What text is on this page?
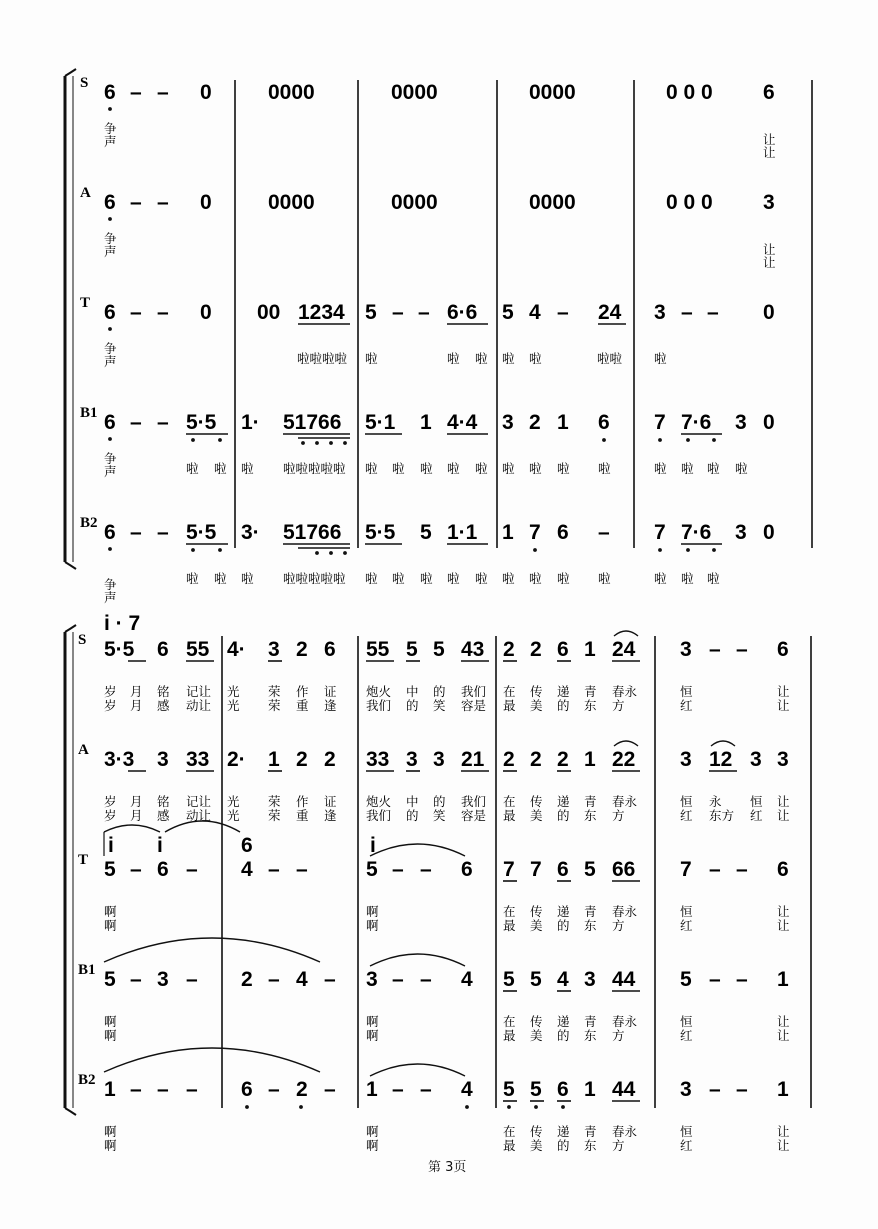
S 6 – –
A 6 – –
T 6 – –
B1 6 – –
B2 6 – –
0	0000	0000	0000	0 0 0 6
争声	让让
0	0000	0000	0000	0 0 0 3
争声	让让
0 00 1234 5 – – 6·6 5 4 – 24 3 – – 0
争声	啦啦啦啦 啦	啦 啦 啦 啦	啦啦	啦
5·5 1· 51766 5·1 1 4·4 3 2 1 6 7 7·6 3 0
争声	啦 啦 啦 啦啦啦啦啦 啦 啦 啦 啦 啦 啦 啦 啦 啦	啦 啦 啦 啦
5·5 3· 51766 5·5 5 1·1 1 7 6 – 7 7·6 3 0
争声
啦 啦 啦 啦啦啦啦啦 啦 啦 啦 啦 啦 啦 啦 啦 啦	啦 啦 啦
i · 7
S
A
T
B1
B2
5·5 6 55 4· 3 2 6 55 5 5 43 2 2 6 1 24 3 – – 6
岁 月 铭 记让 光 荣 作 证 炮火 中 的 我们 在 传 递 青 春永	恒	让
岁 月 感 动让 光 荣 重 逢 我们 的 笑 容是 最 美 的 东 方	红	让
3·3 3 33 2· 1 2 2 33 3 3 21 2 2 2 1 22 3 12 3 3
岁 月 铭 记让 光 荣 作 证 炮火 中 的 我们 在 传 递 青 春永	恒 永 恒 让
岁 月 感 动让 光 荣 重 逢 我们 的 笑 容是 最 美 的 东 方	红 东方 红 让
5 – 6 – 4 – –	5 – – 6 7 7 6 5 66 7 – – 6
i i	6	i
啊	啊	在 传 递 青 春永	恒	让
啊	啊	最 美 的 东 方	红	让
5 – 3 – 2 – 4 – 3 – – 4 5 5 4 3 44 5 – – 1
啊	啊	在 传 递 青 春永	恒	让
啊	啊	最 美 的 东 方	红	让
1 – – – 6 – 2 – 1 – – 4 5 5 6 1 44 3 – – 1
啊	啊	在 传 递 青 春永	恒	让
啊	啊	最 美 的 东 方	红	让
第 3页
